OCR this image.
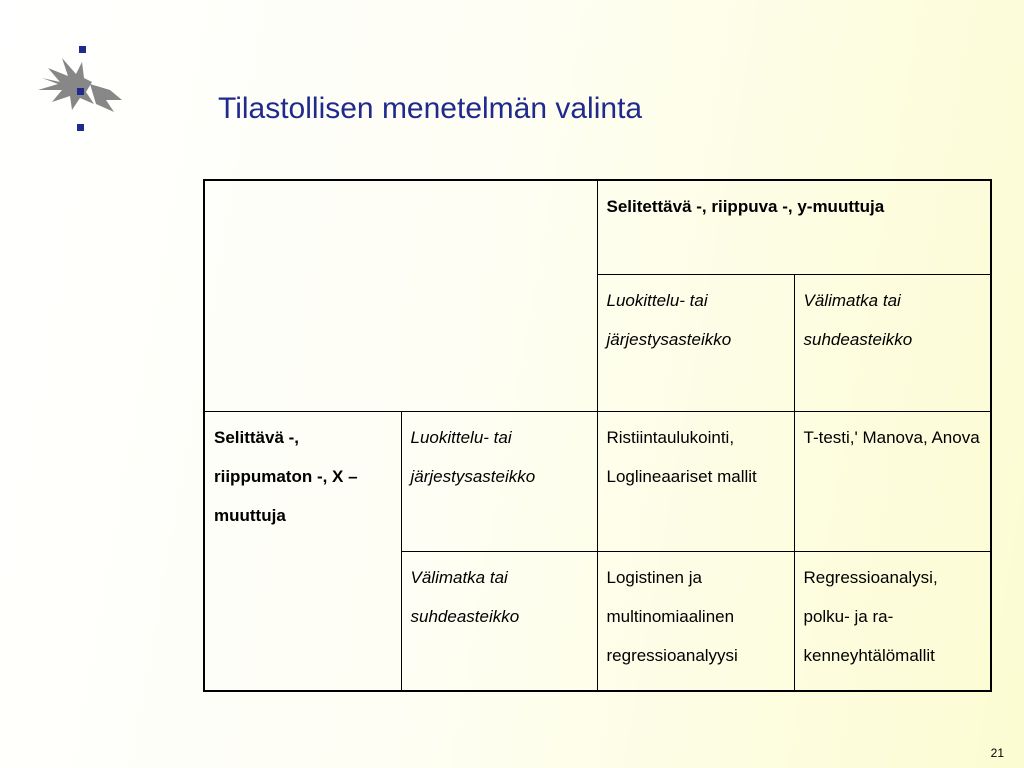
Tilastollisen menetelmän valinta
		Selitettävä -, riippuva -, y-muuttuja	
		Luokittelu- tai järjestysasteikko	Välimatka tai suhdeasteikko
Selittävä -, riippumaton -, X –muuttuja	Luokittelu- tai järjestysasteikko	Ristiintaulukointi, Loglineaariset mallit	T-testi,' Manova, Anova
	Välimatka tai suhdeasteikko	Logistinen ja multinomiaalinen regressioanalyysi	Regressioanalysi, polku- ja ra-kenneyhtälömallit
21
